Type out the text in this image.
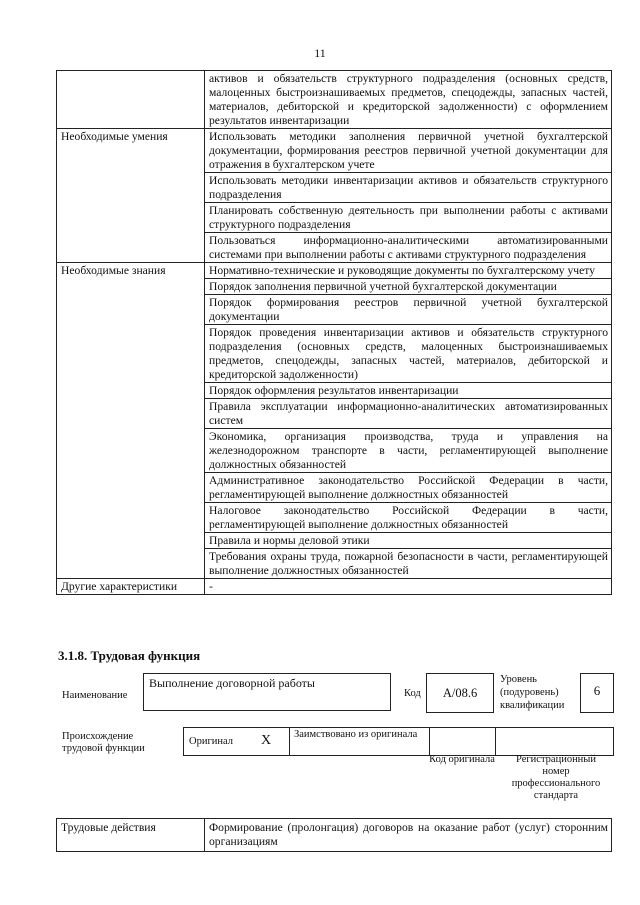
11
	активов и обязательств структурного подразделения (основных средств, малоценных быстроизнашиваемых предметов, спецодежды, запасных частей, материалов, дебиторской и кредиторской задолженности) с оформлением результатов инвентаризации
Необходимые умения	Использовать методики заполнения первичной учетной бухгалтерской документации, формирования реестров первичной учетной документации для отражения в бухгалтерском учете
	Использовать методики инвентаризации активов и обязательств структурного подразделения
	Планировать собственную деятельность при выполнении работы с активами структурного подразделения
	Пользоваться информационно-аналитическими автоматизированными системами при выполнении работы с активами структурного подразделения
Необходимые знания	Нормативно-технические и руководящие документы по бухгалтерскому учету
	Порядок заполнения первичной учетной бухгалтерской документации
	Порядок формирования реестров первичной учетной бухгалтерской документации
	Порядок проведения инвентаризации активов и обязательств структурного подразделения (основных средств, малоценных быстроизнашиваемых предметов, спецодежды, запасных частей, материалов, дебиторской и кредиторской задолженности)
	Порядок оформления результатов инвентаризации
	Правила эксплуатации информационно-аналитических автоматизированных систем
	Экономика, организация производства, труда и управления на железнодорожном транспорте в части, регламентирующей выполнение должностных обязанностей
	Административное законодательство Российской Федерации в части, регламентирующей выполнение должностных обязанностей
	Налоговое законодательство Российской Федерации в части, регламентирующей выполнение должностных обязанностей
	Правила и нормы деловой этики
	Требования охраны труда, пожарной безопасности в части, регламентирующей выполнение должностных обязанностей
Другие характеристики	-
3.1.8. Трудовая функция
Наименование
Выполнение договорной работы
Код	А/08.6
Уровень (подуровень) квалификации
6
Происхождение трудовой функции
Оригинал X Заимствовано из оригинала
Код оригинала	Регистрационный номер профессионального стандарта
Трудовые действия	Формирование (пролонгация) договоров на оказание работ (услуг) сторонним организациям
